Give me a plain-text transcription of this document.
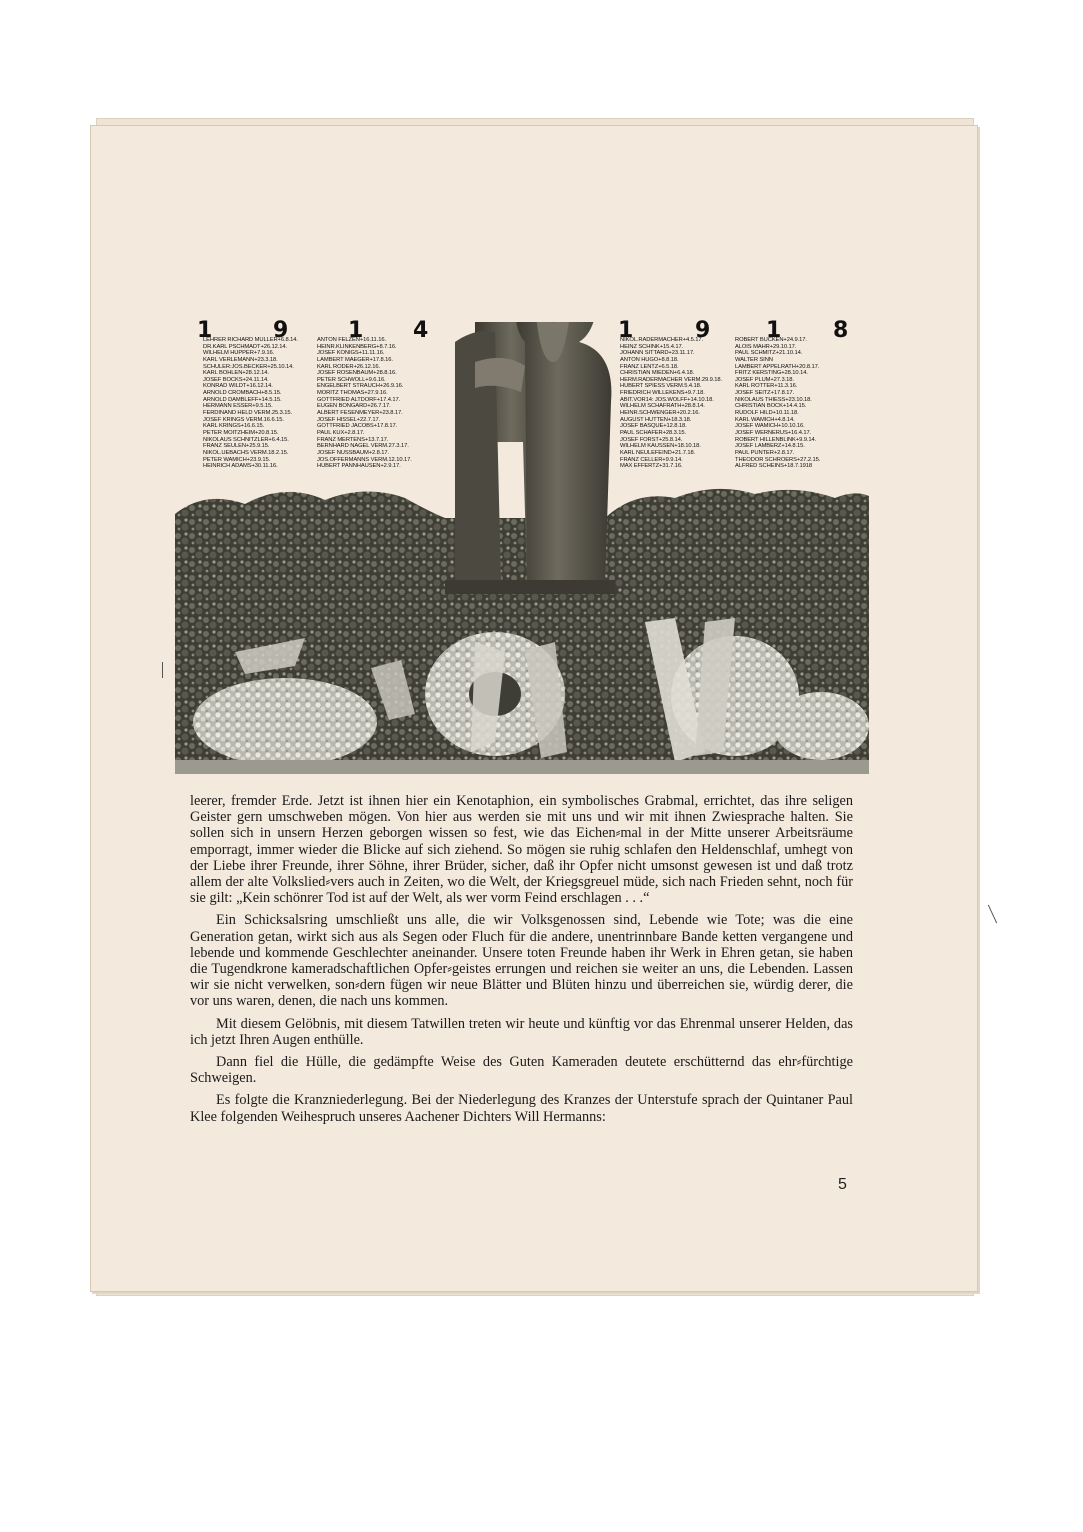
1	9	1 4	1	9	1 8
LEHRER RICHARD MÜLLER+6.8.14.
DR.KARL PSCHMADT+26.12.14.
WILHELM HÜPPER+7.9.16.
KARL VERLEMANN+23.3.18.
SCHÜLER:JOS.BECKER+25.10.14.
KARL BÖHLEN+28.12.14.
JOSEF BOCKS+24.11.14.
KONRAD WILDT+16.12.14.
ARNOLD CROMBACH+8.5.15.
ARNOLD DAMBLEFF+14.5.15.
HERMANN ESSER+9.5.15.
FERDINAND HELD VERM.25.3.15.
JOSEF KRINGS VERM.16.6.15.
KARL KRINGS+16.6.15.
PETER MOITZHEIM+20.8.15.
NIKOLAUS SCHNITZLER+6.4.15.
FRANZ SEULEN+25.9.15.
NIKOL.UEBACHS VERM.18.2.15.
PETER WAMICH+23.9.15.
HEINRICH ADAMS+30.11.16.
ANTON FELZEN+16.11.16.
HEINR.KLINKENBERG+8.7.16.
JOSEF KONIGS+11.11.16.
LAMBERT MAEGER+17.8.16.
KARL RODER+26.12.16.
JOSEF ROSENBAUM+28.8.16.
PETER SCHWOLL+9.6.16.
ENGELBERT STRAUCH+26.9.16.
MORITZ THOMAS+27.9.16.
GOTTFRIED ALTDORF+17.4.17.
EUGEN BONGARD+26.7.17.
ALBERT FESENMEYER+23.8.17.
JOSEF HISSEL+22.7.17.
GOTTFRIED JACOBS+17.8.17.
PAUL KUX+2.8.17.
FRANZ MERTENS+13.7.17.
BERNHARD NAGEL VERM.27.3.17.
JOSEF NUSSBAUM+2.8.17.
JOS.OFFERMANNS VERM.12.10.17.
HUBERT PANNHAUSEN+2.9.17.
NIKOL.RADERMACHER+4.5.17.
HEINZ SCHINK+15.4.17.
JOHANN SITTARD+23.11.17.
ANTON HUGO+8.8.18.
FRANZ LENTZ+6.5.18.
CHRISTIAN MIEDEN+6.4.18.
HERM.RADERMACHER VERM.29.9.18.
HUBERT SPIESS VERM.5.4.18.
FRIEDRICH WILLEKENS+9.7.18.
ABIT.VOR14: JOS.WOLFF+14.10.18.
WILHELM SCHAFRATH+28.8.14.
HEINR.SCHWENGER+20.2.16.
AUGUST HUTTEN+18.3.18.
JOSEF BASQUE+12.8.18.
PAUL SCHÄFER+28.3.15.
JOSEF FORST+25.8.14.
WILHELM KAUSSEN+18.10.18.
KARL NEULEFEIND+21.7.18.
FRANZ CELLER+9.9.14.
MAX EFFERTZ+31.7.16.
ROBERT BÜCKEN+24.9.17.
ALOIS MAHR+29.10.17.
PAUL SCHMITZ+21.10.14.
WALTER SINN
LAMBERT APPELRATH+20.8.17.
FRITZ KERSTING+28.10.14.
JOSEF PLUM+27.3.18.
KARL ROTTER+11.3.16.
JOSEF SEITZ+17.8.17.
NIKOLAUS THIESS+23.10.18.
CHRISTIAN BOCK+14.4.15.
RUDOLF HILD+10.11.18.
KARL WAMICH+4.8.14.
JOSEF WAMICH+10.10.16.
JOSEF WERNERUS+16.4.17.
ROBERT HILLENBLINK+9.9.14.
JOSEF LAMBERZ+14.8.15.
PAUL PÜNTER+2.8.17.
THEODOR SCHROERS+27.2.15.
ALFRED SCHEINS+18.7.1918

leerer, fremder Erde. Jetzt ist ihnen hier ein Kenotaphion, ein symbolisches Grabmal, errichtet, das ihre seligen Geister gern umschweben mögen. Von hier aus werden sie mit uns und wir mit ihnen Zwiesprache halten. Sie sollen sich in unsern Herzen geborgen wissen so fest, wie das Eichen⸗mal in der Mitte unserer Arbeitsräume emporragt, immer wieder die Blicke auf sich ziehend. So mögen sie ruhig schlafen den Heldenschlaf, umhegt von der Liebe ihrer Freunde, ihrer Söhne, ihrer Brüder, sicher, daß ihr Opfer nicht umsonst gewesen ist und daß trotz allem der alte Volkslied⸗vers auch in Zeiten, wo die Welt, der Kriegsgreuel müde, sich nach Frieden sehnt, noch für sie gilt: „Kein schönrer Tod ist auf der Welt, als wer vorm Feind erschlagen . . .“

Ein Schicksalsring umschließt uns alle, die wir Volksgenossen sind, Lebende wie Tote; was die eine Generation getan, wirkt sich aus als Segen oder Fluch für die andere, unentrinnbare Bande ketten vergangene und lebende und kommende Geschlechter aneinander. Unsere toten Freunde haben ihr Werk in Ehren getan, sie haben die Tugendkrone kameradschaftlichen Opfer⸗geistes errungen und reichen sie weiter an uns, die Lebenden. Lassen wir sie nicht verwelken, son⸗dern fügen wir neue Blätter und Blüten hinzu und überreichen sie, würdig derer, die vor uns waren, denen, die nach uns kommen.

Mit diesem Gelöbnis, mit diesem Tatwillen treten wir heute und künftig vor das Ehrenmal unserer Helden, das ich jetzt Ihren Augen enthülle.

Dann fiel die Hülle, die gedämpfte Weise des Guten Kameraden deutete erschütternd das ehr⸗fürchtige Schweigen.

Es folgte die Kranzniederlegung. Bei der Niederlegung des Kranzes der Unterstufe sprach der Quintaner Paul Klee folgenden Weihespruch unseres Aachener Dichters Will Hermanns:

5
